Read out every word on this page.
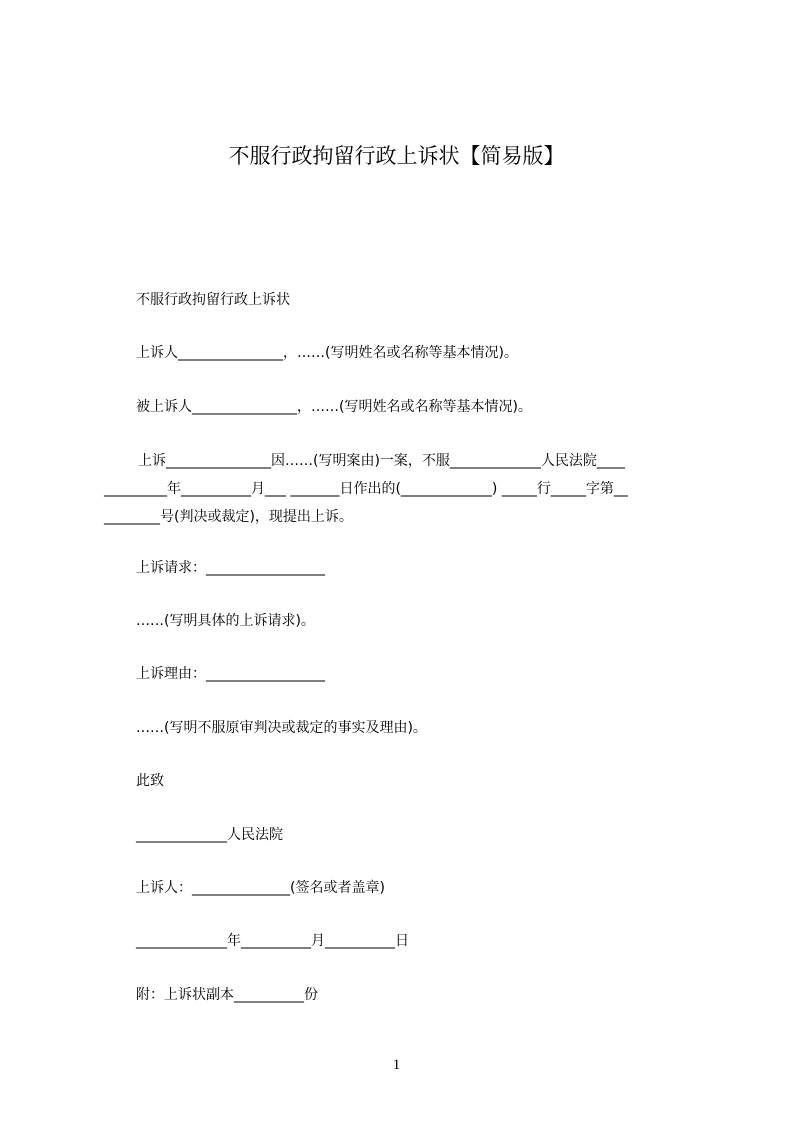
不服行政拘留行政上诉状【简易版】
不服行政拘留行政上诉状
上诉人_______________，……(写明姓名或名称等基本情况)。
被上诉人_______________，……(写明姓名或名称等基本情况)。
上诉_______________因……(写明案由)一案，不服_____________人民法院____
_________年__________月___ _______日作出的(_____________) _____行_____字第__
________号(判决或裁定)，现提出上诉。
上诉请求：_________________
……(写明具体的上诉请求)。
上诉理由：_________________
……(写明不服原审判决或裁定的事实及理由)。
此致
_____________人民法院
上诉人：______________(签名或者盖章)
_____________年__________月__________日
附：上诉状副本__________份
1
